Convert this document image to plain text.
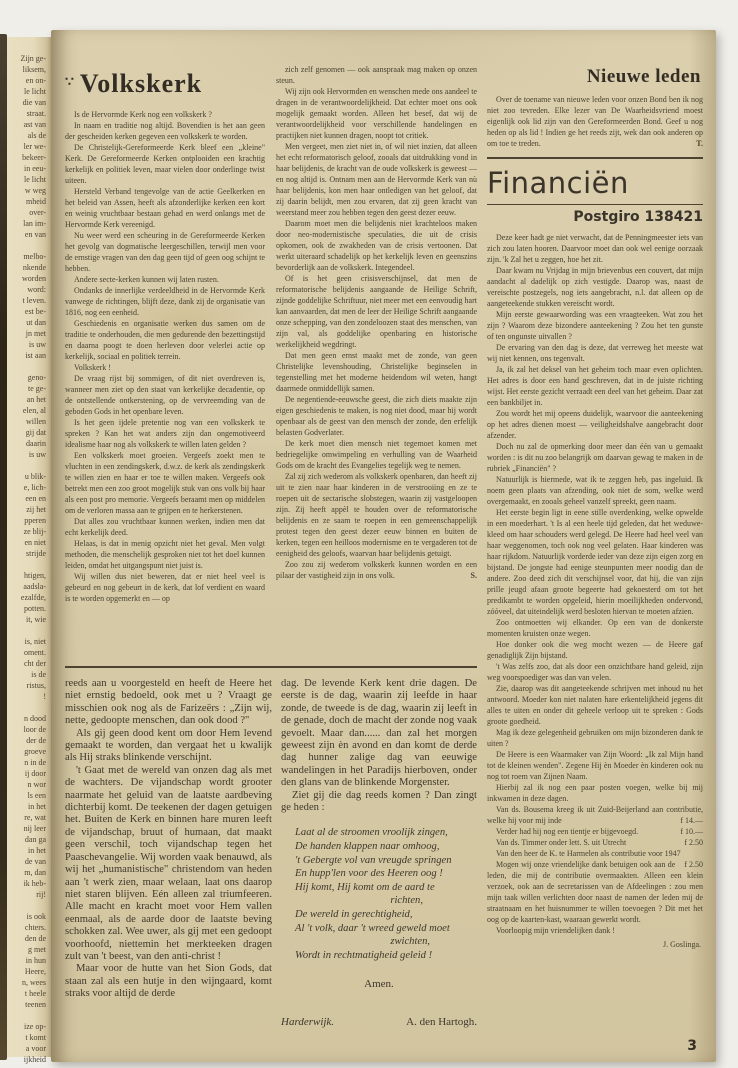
Zijn ge-
liksem,
en on-
le licht
die van
straat.
ast van
als de
ler we-
bekeer-
in eeu-
le licht
w weg
mheid
over-
lan im-
en van

melbo-
nkende
worden
word:
t leven.
est be-
ut dan
jn met
is uw
ist aan

geno-
te ge-
an het
elen, al
willen
gij dat
daarin
is uw

u blik-
e, lich-
een en
zij het
pperen
ze blij-
en niet
strijde

htigen,
aadsla-
ezalfde,
potten.
it, wie

is, niet
oment.
cht der
is de
ristus,
!

n dood
loor de
der de
groeve
n in de
ij door
n wor
ls een
in het
re, wat
nij leer
dan ga
in het
de van
m, dan
ik heb-
rij!

is ook
chters.
den de
g met
in hun
Heere,
n, wees
t heele
teenen

ize op-
t komt
a voor
ijkheid
∵ Volkskerk

Is de Hervormde Kerk nog een volkskerk ?

In naam en traditie nog altijd. Bovendien is het aan geen der gescheiden kerken gegeven een volkskerk te worden.

De Christelijk-Gereformeerde Kerk bleef een „kleine" Kerk. De Gereformeerde Kerken ontplooiden een krachtig kerkelijk en politiek leven, maar vielen door onderlinge twist uiteen.

Hersteld Verband tengevolge van de actie Geelkerken en het beleid van Assen, heeft als afzonderlijke kerken een kort en weinig vruchtbaar bestaan gehad en werd onlangs met de Hervormde Kerk vereenigd.

Nu weer werd een scheuring in de Gereformeerde Kerken het gevolg van dogmatische leergeschillen, terwijl men voor de ernstige vragen van den dag geen tijd of geen oog schijnt te hebben.

Andere secte-kerken kunnen wij laten rusten.

Ondanks de innerlijke verdeeldheid in de Hervormde Kerk vanwege de richtingen, blijft deze, dank zij de organisatie van 1816, nog een eenheid.

Geschiedenis en organisatie werken dus samen om de traditie te onderhouden, die men gedurende den bezettingstijd en daarna poogt te doen herleven door velerlei actie op kerkelijk, sociaal en politiek terrein.

Volkskerk !

De vraag rijst bij sommigen, of dit niet overdreven is, wanneer men ziet op den staat van kerkelijke decadentie, op de ontstellende ontkerstening, op de vervreemding van de geboden Gods in het openbare leven.

Is het geen ijdele pretentie nog van een volkskerk te spreken ? Kan het wat anders zijn dan ongemotiveerd idealisme haar nog als volkskerk te willen laten gelden ?

Een volkskerk moet groeien. Vergeefs zoekt men te vluchten in een zendingskerk, d.w.z. de kerk als zendingskerk te willen zien en haar er toe te willen maken. Vergeefs ook betrekt men een zoo groot mogelijk stuk van ons volk bij haar als een post pro memorie. Vergeefs beraamt men op middelen om de verloren massa aan te grijpen en te herkerstenen.

Dat alles zou vruchtbaar kunnen werken, indien men dat echt kerkelijk deed.

Helaas, is dat in menig opzicht niet het geval. Men volgt methoden, die menschelijk gesproken niet tot het doel kunnen leiden, omdat het uitgangspunt niet juist is.

Wij willen dus niet beweren, dat er niet heel veel is gebeurd en nog gebeurt in de kerk, dat lof verdient en waard is te worden opgemerkt en — op

zich zelf genomen — ook aanspraak mag maken op onzen steun.

Wij zijn ook Hervormden en wenschen mede ons aandeel te dragen in de verantwoordelijkheid. Dat echter moet ons ook mogelijk gemaakt worden. Alleen het besef, dat wij de verantwoordelijkheid voor verschillende handelingen en practijken niet kunnen dragen, noopt tot critiek.

Men vergeet, men ziet niet in, of wil niet inzien, dat alleen het echt reformatorisch geloof, zooals dat uitdrukking vond in haar belijdenis, de kracht van de oude volkskerk is geweest — en nog altijd is. Ontnam men aan de Hervormde Kerk van nù haar belijdenis, kon men haar ontledigen van het geloof, dat zij daarin belijdt, men zou ervaren, dat zij geen kracht van weerstand meer zou hebben tegen den geest dezer eeuw.

Daarom moet men die belijdenis niet krachteloos maken door neo-modernistische speculaties, die uit de crisis opkomen, ook de zwakheden van de crisis vertoonen. Dat werkt uiteraard schadelijk op het kerkelijk leven en geenszins bevorderlijk aan de volkskerk. Integendeel.

Of is het geen crisisverschijnsel, dat men de reformatorische belijdenis aangaande de Heilige Schrift, zijnde goddelijke Schriftuur, niet meer met een eenvoudig hart kan aanvaarden, dat men de leer der Heilige Schrift aangaande onze schepping, van den zondeloozen staat des menschen, van zijn val, als goddelijke openbaring en historische werkelijkheid wegdringt.

Dat men geen ernst maakt met de zonde, van geen Christelijke levenshouding, Christelijke beginselen in tegenstelling met het moderne heidendom wil weten, hangt daarmede onmiddellijk samen.

De negentiende-eeuwsche geest, die zich diets maakte zijn eigen geschiedenis te maken, is nog niet dood, maar hij wordt openbaar als de geest van den mensch der zonde, den erfelijk belasten Godverlater.

De kerk moet dien mensch niet tegemoet komen met bedriegelijke omwimpeling en verhulling van de Waarheid Gods om de kracht des Evangelies tegelijk weg te nemen.

Zal zij zich wederom als volkskerk openbaren, dan heeft zij uit te zien naar haar kinderen in de verstrooiing en ze te roepen uit de sectarische slobstegen, waarin zij vastgeloopen zijn. Zij heeft appèl te houden over de reformatorische belijdenis en ze saam te roepen in een gemeenschappelijk protest tegen den geest dezer eeuw binnen en buiten de kerken, tegen een heilloos modernisme en te vergaderen tot de eenigheid des geloofs, waarvan haar belijdenis getuigt.

Zoo zou zij wederom volkskerk kunnen worden en een pilaar der vastigheid zijn in ons volk.	S.

reeds aan u voorgesteld en heeft de Heere het niet ernstig bedoeld, ook met u ? Vraagt ge misschien ook nog als de Farizeërs : „Zijn wij, nette, gedoopte menschen, dan ook dood ?"

Als gij geen dood kent om door Hem levend gemaakt te worden, dan vergaat het u kwalijk als Hij straks blinkende verschijnt.

't Gaat met de wereld van onzen dag als met de wachters. De vijandschap wordt grooter naarmate het geluid van de laatste aardbeving dichterbij komt. De teekenen der dagen getuigen het. Buiten de Kerk en binnen hare muren leeft de vijandschap, bruut of humaan, dat maakt geen verschil, toch vijandschap tegen het Paaschevangelie. Wij worden vaak benauwd, als wij het „humanistische" christendom van heden aan 't werk zien, maar welaan, laat ons daarop niet staren blijven. Eén alleen zal triumfeeren. Alle macht en kracht moet voor Hem vallen eenmaal, als de aarde door de laatste beving schokken zal. Wee uwer, als gij met een gedoopt voorhoofd, niettemin het merkteeken dragen zult van 't beest, van den anti-christ !

Maar voor de hutte van het Sion Gods, dat staan zal als een hutje in den wijngaard, komt straks voor altijd de derde

dag. De levende Kerk kent drie dagen. De eerste is de dag, waarin zij leefde in haar zonde, de tweede is de dag, waarin zij leeft in de genade, doch de macht der zonde nog vaak gevoelt. Maar dan...... dan zal het morgen geweest zijn èn avond en dan komt de derde dag hunner zalige dag van eeuwige wandelingen in het Paradijs hierboven, onder den glans van de blinkende Morgenster.

Ziet gij die dag reeds komen ? Dan zingt ge heden :

Laat al de stroomen vroolijk zingen,
De handen klappen naar omhoog,
't Gebergte vol van vreugde springen
En hupp'len voor des Heeren oog !
Hij komt, Hij komt om de aard te
         richten,
De wereld in gerechtigheid,
Al 't volk, daar 't wreed geweld moet
         zwichten,
Wordt in rechtmatigheid geleid !
Amen.
Harderwijk.	A. den Hartogh.
Nieuwe leden

Over de toename van nieuwe leden voor onzen Bond ben ik nog niet zoo tevreden. Elke lezer van De Waarheidsvriend moest eigenlijk ook lid zijn van den Gereformeerden Bond. Geef u nog heden op als lid ! Indien ge het reeds zijt, wek dan ook anderen op om toe te treden.	T.

Financiën
Postgiro 138421

Deze keer hadt ge niet verwacht, dat de Penningmeester iets van zich zou laten hooren. Daarvoor moet dan ook wel eenige oorzaak zijn. 'k Zal het u zeggen, hoe het zit.

Daar kwam nu Vrijdag in mijn brievenbus een couvert, dat mijn aandacht al dadelijk op zich vestigde. Daarop was, naast de vereischte postzegels, nog iets aangebracht, n.l. dat alleen op de aangeteekende stukken vereischt wordt.

Mijn eerste gewaarwording was een vraagteeken. Wat zou het zijn ? Waarom deze bizondere aanteekening ? Zou het ten gunste of ten ongunste uitvallen ?

De ervaring van den dag is deze, dat verreweg het meeste wat wij niet kennen, ons tegenvalt.

Ja, ik zal het deksel van het geheim toch maar even oplichten. Het adres is door een hand geschreven, dat in de juiste richting wijst. Het eerste gezicht verraadt een deel van het geheim. Daar zat een bankbiljet in.

Zou wordt het mij opeens duidelijk, waarvoor die aanteekening op het adres dienen moest — veiligheidshalve aangebracht door afzender.

Doch nu zal de opmerking door meer dan één van u gemaakt worden : is dit nu zoo belangrijk om daarvan gewag te maken in de rubriek „Financiën" ?

Natuurlijk is hiermede, wat ik te zeggen heb, pas ingeluid. Ik noem geen plaats van afzending, ook niet de som, welke werd overgemaakt, en zooals geheel vanzelf spreekt, geen naam.

Het eerste begin ligt in eene stille overdenking, welke opwelde in een moederhart. 't Is al een heele tijd geleden, dat het weduwe-kleed om haar schouders werd gelegd. De Heere had heel veel van haar weggenomen, toch ook nog veel gelaten. Haar kinderen was haar rijkdom. Natuurlijk vorderde ieder van deze zijn eigen zorg en bijstand. De jongste had eenige steunpunten meer noodig dan de andere. Zoo deed zich dit verschijnsel voor, dat hij, die van zijn prille jeugd afaan groote begeerte had gekoesterd om tot het predikambt te worden opgeleid, hierin moeilijkheden ondervond, zóóveel, dat uiteindelijk werd besloten hiervan te moeten afzien.

Zoo ontmoetten wij elkander. Op een van de donkerste momenten kruisten onze wegen.

Hoe donker ook die weg mocht wezen — de Heere gaf genadiglijk Zijn bijstand.

't Was zelfs zoo, dat als door een onzichtbare hand geleid, zijn weg voorspoediger was dan van velen.

Zie, daarop was dit aangeteekende schrijven met inhoud nu het antwoord. Moeder kon niet nalaten hare erkentelijkheid jegens dit alles te uiten en onder dit geheele verloop uit te spreken : Gods groote goedheid.

Mag ik deze gelegenheid gebruiken om mijn bizonderen dank te uiten ?

De Heere is een Waarmaker van Zijn Woord: „Ik zal Mijn hand tot de kleinen wenden". Zegene Hij èn Moeder èn kinderen ook nu nog tot roem van Zijnen Naam.

Hierbij zal ik nog een paar posten voegen, welke bij mij inkwamen in deze dagen.

Van ds. Bousema kreeg ik uit Zuid-Beijerland aan contributie, welke hij voor mij inde	f 14.—

Verder had hij nog een tientje er bijgevoegd.	f 10.—

Van ds. Timmer onder lett. S. uit Utrecht	f 2.50

Van den heer de K. te Harmelen als contributie voor 1947
f 2.50

Mogen wij onze vriendelijke dank betuigen ook aan de leden, die mij de contributie overmaakten. Alleen een klein verzoek, ook aan de secretarissen van de Afdeelingen : zou men mijn taak willen verlichten door naast de namen der leden mij de straatnaam en het huisnummer te willen toevoegen ? Dit met het oog op de kaarten-kast, waaraan gewerkt wordt.

Voorloopig mijn vriendelijken dank !

J. Goslinga.

3
